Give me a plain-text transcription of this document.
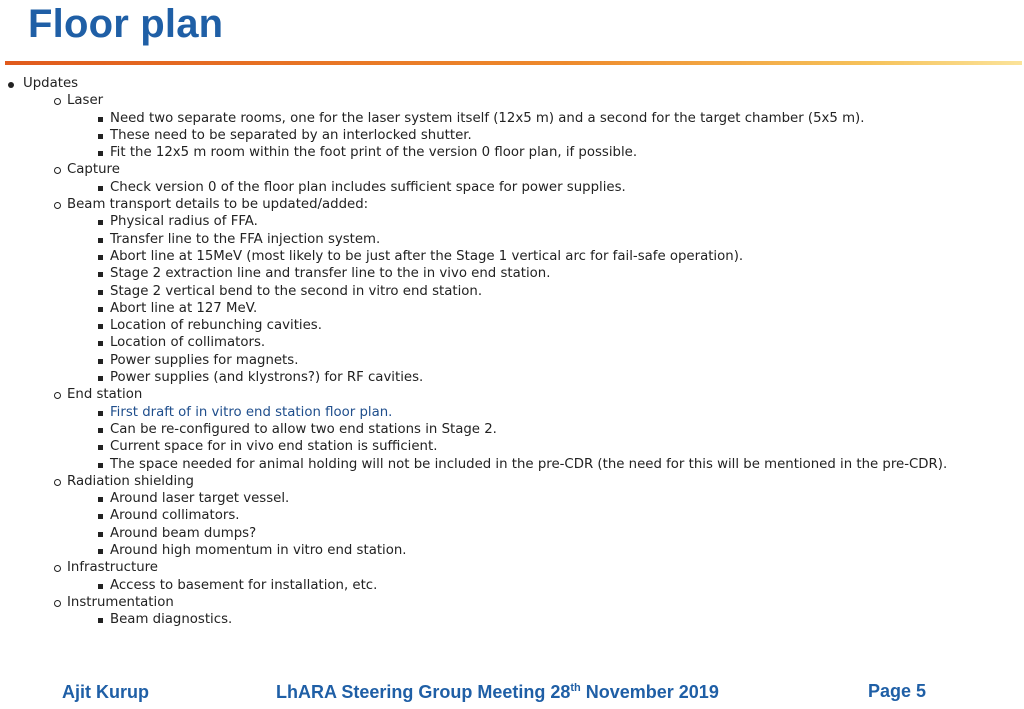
Floor plan
Updates
Laser
Need two separate rooms, one for the laser system itself (12x5 m) and a second for the target chamber (5x5 m).
These need to be separated by an interlocked shutter.
Fit the 12x5 m room within the foot print of the version 0 floor plan, if possible.
Capture
Check version 0 of the floor plan includes sufficient space for power supplies.
Beam transport details to be updated/added:
Physical radius of FFA.
Transfer line to the FFA injection system.
Abort line at 15MeV (most likely to be just after the Stage 1 vertical arc for fail-safe operation).
Stage 2 extraction line and transfer line to the in vivo end station.
Stage 2 vertical bend to the second in vitro end station.
Abort line at 127 MeV.
Location of rebunching cavities.
Location of collimators.
Power supplies for magnets.
Power supplies (and klystrons?) for RF cavities.
End station
First draft of in vitro end station floor plan.
Can be re-configured to allow two end stations in Stage 2.
Current space for in vivo end station is sufficient.
The space needed for animal holding will not be included in the pre-CDR (the need for this will be mentioned in the pre-CDR).
Radiation shielding
Around laser target vessel.
Around collimators.
Around beam dumps?
Around high momentum in vitro end station.
Infrastructure
Access to basement for installation, etc.
Instrumentation
Beam diagnostics.
Ajit Kurup	LhARA Steering Group Meeting 28th November 2019	Page 5
